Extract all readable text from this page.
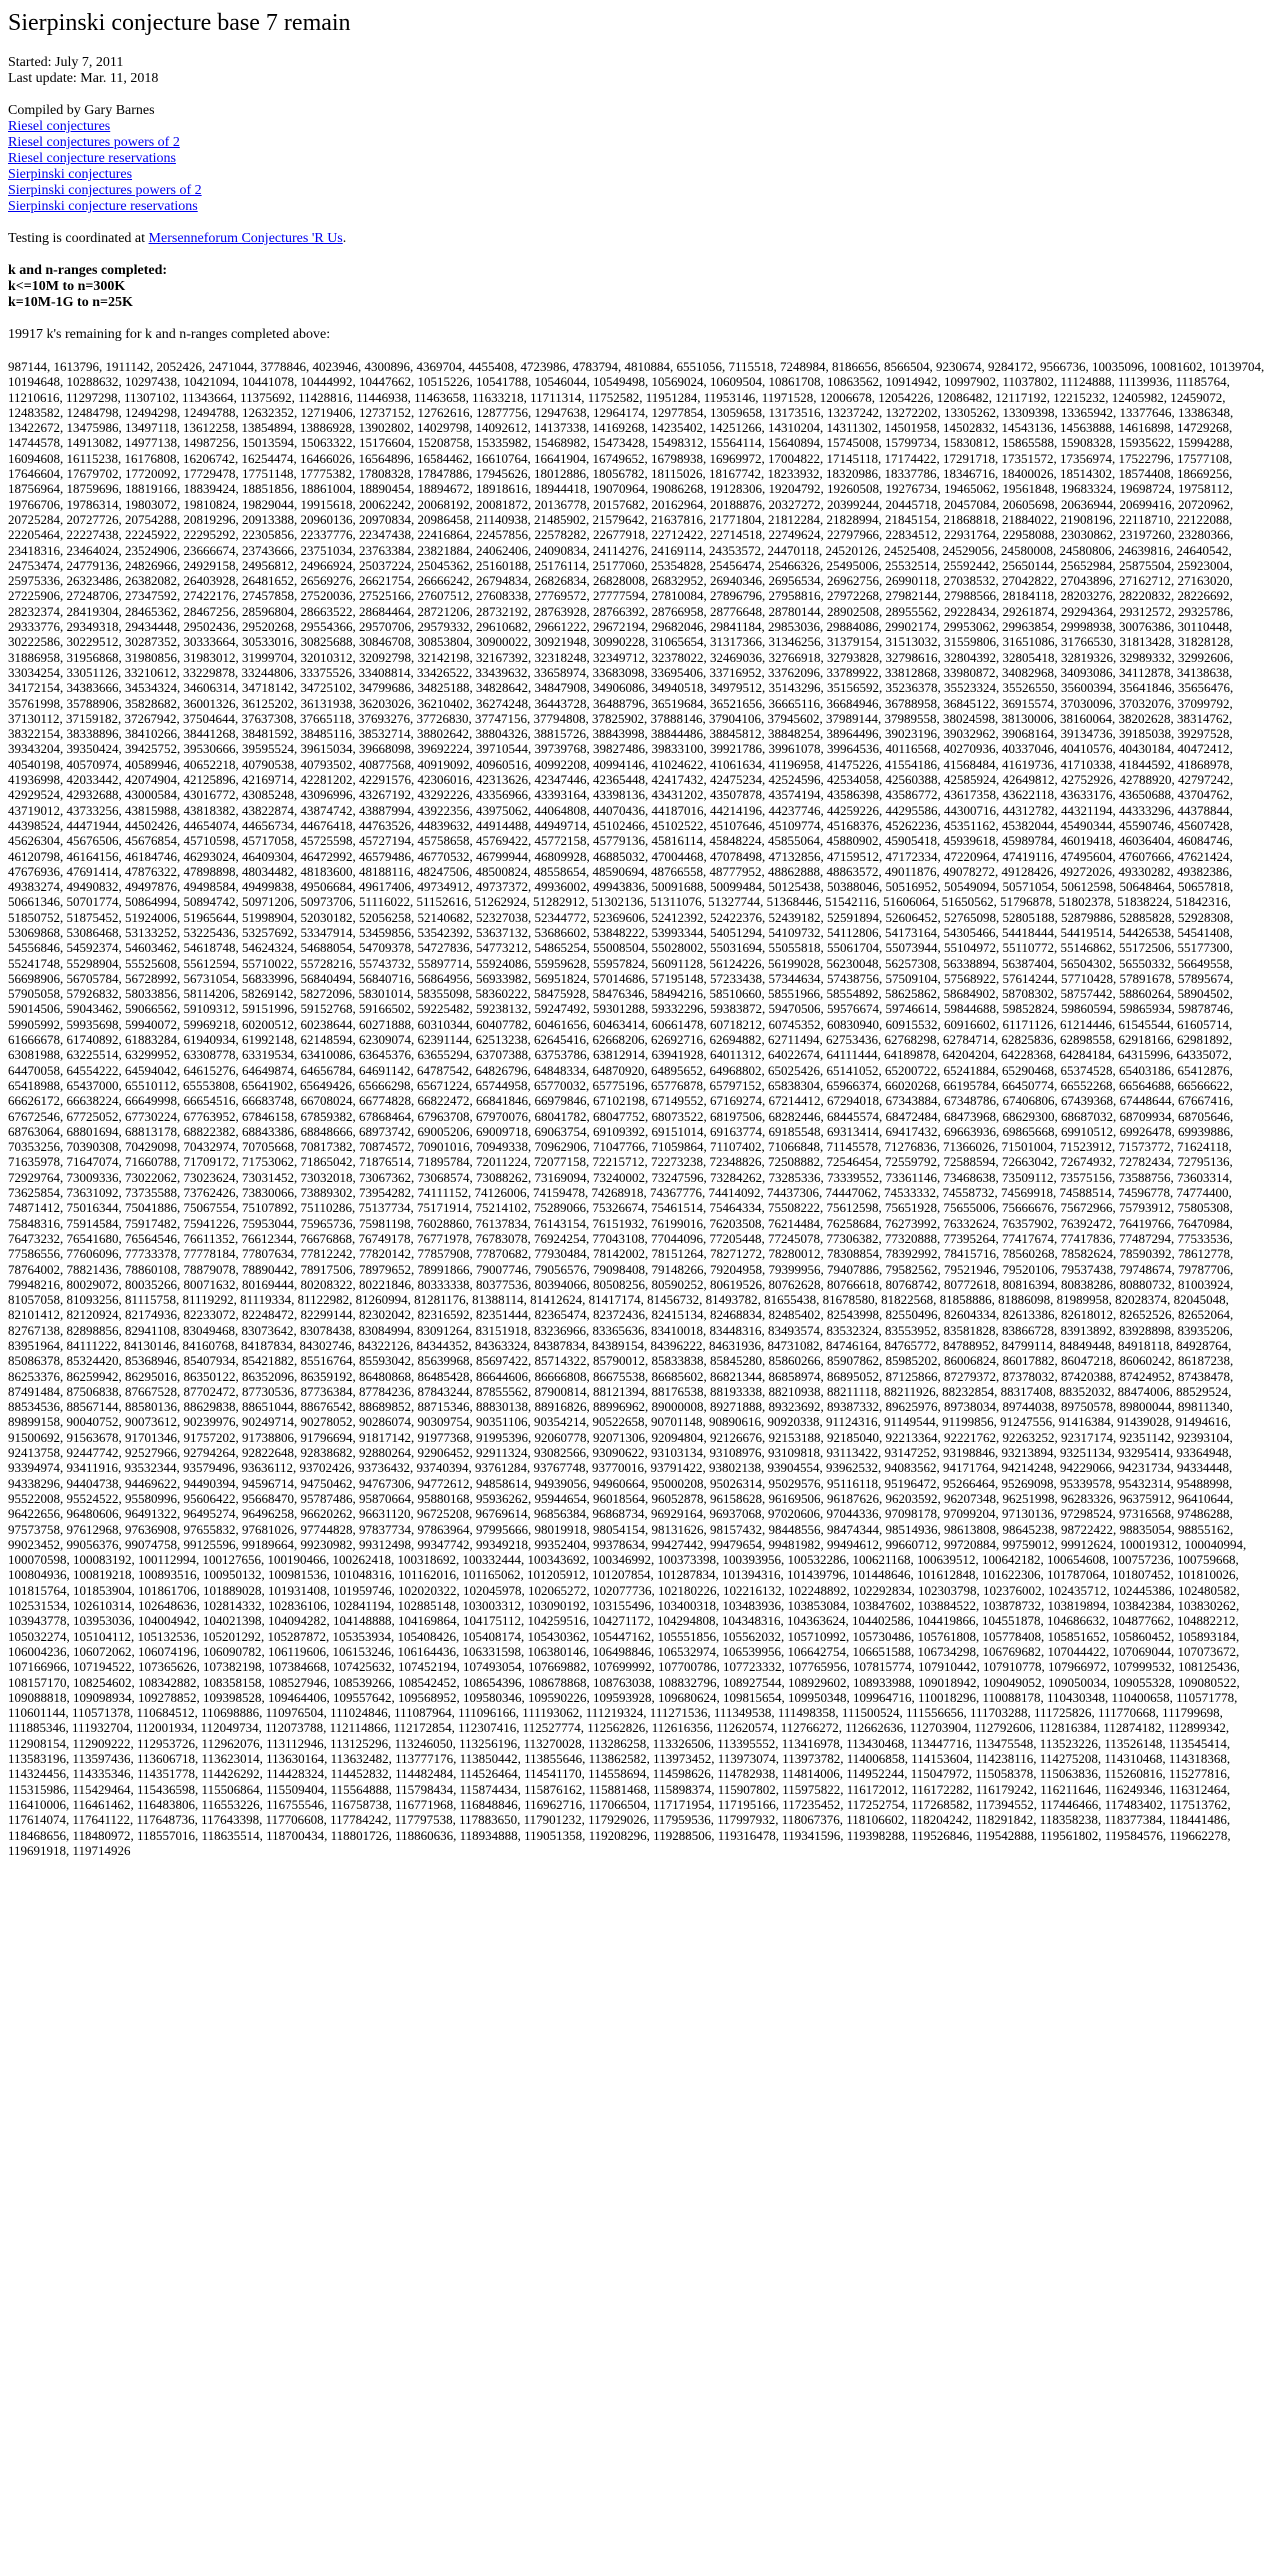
Sierpinski conjecture base 7 remain
Started: July 7, 2011
Last update: Mar. 11, 2018
Compiled by Gary Barnes
Riesel conjectures
Riesel conjectures powers of 2
Riesel conjecture reservations
Sierpinski conjectures
Sierpinski conjectures powers of 2
Sierpinski conjecture reservations
Testing is coordinated at Mersenneforum Conjectures 'R Us.
k and n-ranges completed:
k<=10M to n=300K
k=10M-1G to n=25K
19917 k's remaining for k and n-ranges completed above:
987144, 1613796, 1911142, 2052426, 2471044, 3778846, 4023946, 4300896, 4369704, 4455408, 4723986, 4783794, 4810884, 6551056, 7115518, 7248984, 8186656, 8566504, 9230674, 9284172, 9566736, 10035096, 10081602, 10139704, 10194648, 10288632, 10297438, 10421094, 10441078, 10444992, 10447662, 10515226, 10541788, 10546044, 10549498, 10569024, 10609504, 10861708, 10863562, 10914942, 10997902, 11037802, 11124888, 11139936, 11185764, 11210616, 11297298, 11307102, 11343664, 11375692, 11428816, 11446938, 11463658, 11633218, 11711314, 11752582, 11951284, 11953146, 11971528, 12006678, 12054226, 12086482, 12117192, 12215232, 12405982, 12459072, 12483582, 12484798, 12494298, 12494788, 12632352, 12719406, 12737152, 12762616, 12877756, 12947638, 12964174, 12977854, 13059658, 13173516, 13237242, 13272202, 13305262, 13309398, 13365942, 13377646, 13386348, 13422672, 13475986, 13497118, 13612258, 13854894, 13886928, 13902802, 14029798, 14092612, 14137338, 14169268, 14235402, 14251266, 14310204, 14311302, 14501958, 14502832, 14543136, 14563888, 14616898, 14729268, 14744578, 14913082, 14977138, 14987256, 15013594, 15063322, 15176604, 15208758, 15335982, 15468982, 15473428, 15498312, 15564114, 15640894, 15745008, 15799734, 15830812, 15865588, 15908328, 15935622, 15994288, 16094608, 16115238, 16176808, 16206742, 16254474, 16466026, 16564896, 16584462, 16610764, 16641904, 16749652, 16798938, 16969972, 17004822, 17145118, 17174422, 17291718, 17351572, 17356974, 17522796, 17577108, 17646604, 17679702, 17720092, 17729478, 17751148, 17775382, 17808328, 17847886, 17945626, 18012886, 18056782, 18115026, 18167742, 18233932, 18320986, 18337786, 18346716, 18400026, 18514302, 18574408, 18669256, 18756964, 18759696, 18819166, 18839424, 18851856, 18861004, 18890454, 18894672, 18918616, 18944418, 19070964, 19086268, 19128306, 19204792, 19260508, 19276734, 19465062, 19561848, 19683324, 19698724, 19758112, 19766706, 19786314, 19803072, 19810824, 19829044, 19915618, 20062242, 20068192, 20081872, 20136778, 20157682, 20162964, 20188876, 20327272, 20399244, 20445718, 20457084, 20605698, 20636944, 20699416, 20720962, 20725284, 20727726, 20754288, 20819296, 20913388, 20960136, 20970834, 20986458, 21140938, 21485902, 21579642, 21637816, 21771804, 21812284, 21828994, 21845154, 21868818, 21884022, 21908196, 22118710, 22122088, 22205464, 22227438, 22245922, 22295292, 22305856, 22337776, 22347438, 22416864, 22457856, 22578282, 22677918, 22712422, 22714518, 22749624, 22797966, 22834512, 22931764, 22958088, 23030862, 23197260, 23280366, 23418316, 23464024, 23524906, 23666674, 23743666, 23751034, 23763384, 23821884, 24062406, 24090834, 24114276, 24169114, 24353572, 24470118, 24520126, 24525408, 24529056, 24580008, 24580806, 24639816, 24640542, 24753474, 24779136, 24826966, 24929158, 24956812, 24966924, 25037224, 25045362, 25160188, 25176114, 25177060, 25354828, 25456474, 25466326, 25495006, 25532514, 25592442, 25650144, 25652984, 25875504, 25923004, 25975336, 26323486, 26382082, 26403928, 26481652, 26569276, 26621754, 26666242, 26794834, 26826834, 26828008, 26832952, 26940346, 26956534, 26962756, 26990118, 27038532, 27042822, 27043896, 27162712, 27163020, 27225906, 27248706, 27347592, 27422176, 27457858, 27520036, 27525166, 27607512, 27608338, 27769572, 27777594, 27810084, 27896796, 27958816, 27972268, 27982144, 27988566, 28184118, 28203276, 28220832, 28226692, 28232374, 28419304, 28465362, 28467256, 28596804, 28663522, 28684464, 28721206, 28732192, 28763928, 28766392, 28766958, 28776648, 28780144, 28902508, 28955562, 29228434, 29261874, 29294364, 29312572, 29325786, 29333776, 29349318, 29434448, 29502436, 29520268, 29554366, 29570706, 29579332, 29610682, 29661222, 29672194, 29682046, 29841184, 29853036, 29884086, 29902174, 29953062, 29963854, 29998938, 30076386, 30110448, 30222586, 30229512, 30287352, 30333664, 30533016, 30825688, 30846708, 30853804, 30900022, 30921948, 30990228, 31065654, 31317366, 31346256, 31379154, 31513032, 31559806, 31651086, 31766530, 31813428, 31828128, 31886958, 31956868, 31980856, 31983012, 31999704, 32010312, 32092798, 32142198, 32167392, 32318248, 32349712, 32378022, 32469036, 32766918, 32793828, 32798616, 32804392, 32805418, 32819326, 32989332, 32992606, 33034254, 33051126, 33210612, 33229878, 33244806, 33375526, 33408814, 33426522, 33439632, 33658974, 33683098, 33695406, 33716952, 33762096, 33789922, 33812868, 33980872, 34082968, 34093086, 34112878, 34138638, 34172154, 34383666, 34534324, 34606314, 34718142, 34725102, 34799686, 34825188, 34828642, 34847908, 34906086, 34940518, 34979512, 35143296, 35156592, 35236378, 35523324, 35526550, 35600394, 35641846, 35656476, 35761998, 35788906, 35828682, 36001326, 36125202, 36131938, 36203026, 36210402, 36274248, 36443728, 36488796, 36519684, 36521656, 36665116, 36684946, 36788958, 36845122, 36915574, 37030096, 37032076, 37099792, 37130112, 37159182, 37267942, 37504644, 37637308, 37665118, 37693276, 37726830, 37747156, 37794808, 37825902, 37888146, 37904106, 37945602, 37989144, 37989558, 38024598, 38130006, 38160064, 38202628, 38314762, 38322154, 38338896, 38410266, 38441268, 38481592, 38485116, 38532714, 38802642, 38804326, 38815726, 38843998, 38844486, 38845812, 38848254, 38964496, 39023196, 39032962, 39068164, 39134736, 39185038, 39297528, 39343204, 39350424, 39425752, 39530666, 39595524, 39615034, 39668098, 39692224, 39710544, 39739768, 39827486, 39833100, 39921786, 39961078, 39964536, 40116568, 40270936, 40337046, 40410576, 40430184, 40472412, 40540198, 40570974, 40589946, 40652218, 40790538, 40793502, 40877568, 40919092, 40960516, 40992208, 40994146, 41024622, 41061634, 41196958, 41475226, 41554186, 41568484, 41619736, 41710338, 41844592, 41868978, 41936998, 42033442, 42074904, 42125896, 42169714, 42281202, 42291576, 42306016, 42313626, 42347446, 42365448, 42417432, 42475234, 42524596, 42534058, 42560388, 42585924, 42649812, 42752926, 42788920, 42797242, 42929524, 42932688, 43000584, 43016772, 43085248, 43096996, 43267192, 43292226, 43356966, 43393164, 43398136, 43431202, 43507878, 43574194, 43586398, 43586772, 43617358, 43622118, 43633176, 43650688, 43704762, 43719012, 43733256, 43815988, 43818382, 43822874, 43874742, 43887994, 43922356, 43975062, 44064808, 44070436, 44187016, 44214196, 44237746, 44259226, 44295586, 44300716, 44312782, 44321194, 44333296, 44378844, 44398524, 44471944, 44502426, 44654074, 44656734, 44676418, 44763526, 44839632, 44914488, 44949714, 45102466, 45102522, 45107646, 45109774, 45168376, 45262236, 45351162, 45382044, 45490344, 45590746, 45607428, 45626304, 45676506, 45676854, 45710598, 45717058, 45725598, 45727194, 45758658, 45769422, 45772158, 45779136, 45816114, 45848224, 45855064, 45880902, 45905418, 45939618, 45989784, 46019418, 46036404, 46084746, 46120798, 46164156, 46184746, 46293024, 46409304, 46472992, 46579486, 46770532, 46799944, 46809928, 46885032, 47004468, 47078498, 47132856, 47159512, 47172334, 47220964, 47419116, 47495604, 47607666, 47621424, 47676936, 47691414, 47876322, 47898898, 48034482, 48183600, 48188116, 48247506, 48500824, 48558654, 48590694, 48766558, 48777952, 48862888, 48863572, 49011876, 49078272, 49128426, 49272026, 49330282, 49382386, 49383274, 49490832, 49497876, 49498584, 49499838, 49506684, 49617406, 49734912, 49737372, 49936002, 49943836, 50091688, 50099484, 50125438, 50388046, 50516952, 50549094, 50571054, 50612598, 50648464, 50657818, 50661346, 50701774, 50864994, 50894742, 50971206, 50973706, 51116022, 51152616, 51262924, 51282912, 51302136, 51311076, 51327744, 51368446, 51542116, 51606064, 51650562, 51796878, 51802378, 51838224, 51842316, 51850752, 51875452, 51924006, 51965644, 51998904, 52030182, 52056258, 52140682, 52327038, 52344772, 52369606, 52412392, 52422376, 52439182, 52591894, 52606452, 52765098, 52805188, 52879886, 52885828, 52928308, 53069868, 53086468, 53133252, 53225436, 53257692, 53347914, 53459856, 53542392, 53637132, 53686602, 53848222, 53993344, 54051294, 54109732, 54112806, 54173164, 54305466, 54418444, 54419514, 54426538, 54541408, 54556846, 54592374, 54603462, 54618748, 54624324, 54688054, 54709378, 54727836, 54773212, 54865254, 55008504, 55028002, 55031694, 55055818, 55061704, 55073944, 55104972, 55110772, 55146862, 55172506, 55177300, 55241748, 55298904, 55525608, 55612594, 55710022, 55728216, 55743732, 55897714, 55924086, 55959628, 55957824, 56091128, 56124226, 56199028, 56230048, 56257308, 56338894, 56387404, 56504302, 56550332, 56649558, 56698906, 56705784, 56728992, 56731054, 56833996, 56840494, 56840716, 56864956, 56933982, 56951824, 57014686, 57195148, 57233438, 57344634, 57438756, 57509104, 57568922, 57614244, 57710428, 57891678, 57895674, 57905058, 57926832, 58033856, 58114206, 58269142, 58272096, 58301014, 58355098, 58360222, 58475928, 58476346, 58494216, 58510660, 58551966, 58554892, 58625862, 58684902, 58708302, 58757442, 58860264, 58904502, 59014506, 59043462, 59066562, 59109312, 59151996, 59152768, 59166502, 59225482, 59238132, 59247492, 59301288, 59332296, 59383872, 59470506, 59576674, 59746614, 59844688, 59852824, 59860594, 59865934, 59878746, 59905992, 59935698, 59940072, 59969218, 60200512, 60238644, 60271888, 60310344, 60407782, 60461656, 60463414, 60661478, 60718212, 60745352, 60830940, 60915532, 60916602, 61171126, 61214446, 61545544, 61605714, 61666678, 61740892, 61883284, 61940934, 61992148, 62148594, 62309074, 62391144, 62513238, 62645416, 62668206, 62692716, 62694882, 62711494, 62753436, 62768298, 62784714, 62825836, 62898558, 62918166, 62981892, 63081988, 63225514, 63299952, 63308778, 63319534, 63410086, 63645376, 63655294, 63707388, 63753786, 63812914, 63941928, 64011312, 64022674, 64111444, 64189878, 64204204, 64228368, 64284184, 64315996, 64335072, 64470058, 64554222, 64594042, 64615276, 64649874, 64656784, 64691142, 64787542, 64826796, 64848334, 64870920, 64895652, 64968802, 65025426, 65141052, 65200722, 65241884, 65290468, 65374528, 65403186, 65412876, 65418988, 65437000, 65510112, 65553808, 65641902, 65649426, 65666298, 65671224, 65744958, 65770032, 65775196, 65776878, 65797152, 65838304, 65966374, 66020268, 66195784, 66450774, 66552268, 66564688, 66566622, 66626172, 66638224, 66649998, 66654516, 66683748, 66708024, 66774828, 66822472, 66841846, 66979846, 67102198, 67149552, 67169274, 67214412, 67294018, 67343884, 67348786, 67406806, 67439368, 67448644, 67667416, 67672546, 67725052, 67730224, 67763952, 67846158, 67859382, 67868464, 67963708, 67970076, 68041782, 68047752, 68073522, 68197506, 68282446, 68445574, 68472484, 68473968, 68629300, 68687032, 68709934, 68705646, 68763064, 68801694, 68813178, 68822382, 68843386, 68848666, 68973742, 69005206, 69009718, 69063754, 69109392, 69151014, 69163774, 69185548, 69313414, 69417432, 69663936, 69865668, 69910512, 69926478, 69939886, 70353256, 70390308, 70429098, 70432974, 70705668, 70817382, 70874572, 70901016, 70949338, 70962906, 71047766, 71059864, 71107402, 71066848, 71145578, 71276836, 71366026, 71501004, 71523912, 71573772, 71624118, 71635978, 71647074, 71660788, 71709172, 71753062, 71865042, 71876514, 71895784, 72011224, 72077158, 72215712, 72273238, 72348826, 72508882, 72546454, 72559792, 72588594, 72663042, 72674932, 72782434, 72795136, 72929764, 73009336, 73022062, 73023624, 73031452, 73032018, 73067362, 73068574, 73088262, 73169094, 73240002, 73247596, 73284262, 73285336, 73339552, 73361146, 73468638, 73509112, 73575156, 73588756, 73603314, 73625854, 73631092, 73735588, 73762426, 73830066, 73889302, 73954282, 74111152, 74126006, 74159478, 74268918, 74367776, 74414092, 74437306, 74447062, 74533332, 74558732, 74569918, 74588514, 74596778, 74774400, 74871412, 75016344, 75041886, 75067554, 75107892, 75110286, 75137734, 75171914, 75214102, 75289066, 75326674, 75461514, 75464334, 75508222, 75612598, 75651928, 75655006, 75666676, 75672966, 75793912, 75805308, 75848316, 75914584, 75917482, 75941226, 75953044, 75965736, 75981198, 76028860, 76137834, 76143154, 76151932, 76199016, 76203508, 76214484, 76258684, 76273992, 76332624, 76357902, 76392472, 76419766, 76470984, 76473232, 76541680, 76564546, 76611352, 76612344, 76676868, 76749178, 76771978, 76783078, 76924254, 77043108, 77044096, 77205448, 77245078, 77306382, 77320888, 77395264, 77417674, 77417836, 77487294, 77533536, 77586556, 77606096, 77733378, 77778184, 77807634, 77812242, 77820142, 77857908, 77870682, 77930484, 78142002, 78151264, 78271272, 78280012, 78308854, 78392992, 78415716, 78560268, 78582624, 78590392, 78612778, 78764002, 78821436, 78860108, 78879078, 78890442, 78917506, 78979652, 78991866, 79007746, 79056576, 79098408, 79148266, 79204958, 79399956, 79407886, 79582562, 79521946, 79520106, 79537438, 79748674, 79787706, 79948216, 80029072, 80035266, 80071632, 80169444, 80208322, 80221846, 80333338, 80377536, 80394066, 80508256, 80590252, 80619526, 80762628, 80766618, 80768742, 80772618, 80816394, 80838286, 80880732, 81003924, 81057058, 81093256, 81115758, 81119292, 81119334, 81122982, 81260994, 81281176, 81388114, 81412624, 81417174, 81456732, 81493782, 81655438, 81678580, 81822568, 81858886, 81886098, 81989958, 82028374, 82045048, 82101412, 82120924, 82174936, 82233072, 82248472, 82299144, 82302042, 82316592, 82351444, 82365474, 82372436, 82415134, 82468834, 82485402, 82543998, 82550496, 82604334, 82613386, 82618012, 82652526, 82652064, 82767138, 82898856, 82941108, 83049468, 83073642, 83078438, 83084994, 83091264, 83151918, 83236966, 83365636, 83410018, 83448316, 83493574, 83532324, 83553952, 83581828, 83866728, 83913892, 83928898, 83935206, 83951964, 84111222, 84130146, 84160768, 84187834, 84302746, 84322126, 84344352, 84363324, 84387834, 84389154, 84396222, 84631936, 84731082, 84746164, 84765772, 84788952, 84799114, 84849448, 84918118, 84928764, 85086378, 85324420, 85368946, 85407934, 85421882, 85516764, 85593042, 85639968, 85697422, 85714322, 85790012, 85833838, 85845280, 85860266, 85907862, 85985202, 86006824, 86017882, 86047218, 86060242, 86187238, 86253376, 86259942, 86295016, 86350122, 86352096, 86359192, 86480868, 86485428, 86644606, 86666808, 86675538, 86685602, 86821344, 86858974, 86895052, 87125866, 87279372, 87378032, 87420388, 87424952, 87438478, 87491484, 87506838, 87667528, 87702472, 87730536, 87736384, 87784236, 87843244, 87855562, 87900814, 88121394, 88176538, 88193338, 88210938, 88211118, 88211926, 88232854, 88317408, 88352032, 88474006, 88529524, 88534536, 88567144, 88580136, 88629838, 88651044, 88676542, 88689852, 88715346, 88830138, 88916826, 88996962, 89000008, 89271888, 89323692, 89387332, 89625976, 89738034, 89744038, 89750578, 89800044, 89811340, 89899158, 90040752, 90073612, 90239976, 90249714, 90278052, 90286074, 90309754, 90351106, 90354214, 90522658, 90701148, 90890616, 90920338, 91124316, 91149544, 91199856, 91247556, 91416384, 91439028, 91494616, 91500692, 91563678, 91701346, 91757202, 91738806, 91796694, 91817142, 91977368, 91995396, 92060778, 92071306, 92094804, 92126676, 92153188, 92185040, 92213364, 92221762, 92263252, 92317174, 92351142, 92393104, 92413758, 92447742, 92527966, 92794264, 92822648, 92838682, 92880264, 92906452, 92911324, 93082566, 93090622, 93103134, 93108976, 93109818, 93113422, 93147252, 93198846, 93213894, 93251134, 93295414, 93364948, 93394974, 93411916, 93532344, 93579496, 93636112, 93702426, 93736432, 93740394, 93761284, 93767748, 93770016, 93791422, 93802138, 93904554, 93962532, 94083562, 94171764, 94214248, 94229066, 94231734, 94334448, 94338296, 94404738, 94469622, 94490394, 94596714, 94750462, 94767306, 94772612, 94858614, 94939056, 94960664, 95000208, 95026314, 95029576, 95116118, 95196472, 95266464, 95269098, 95339578, 95432314, 95488998, 95522008, 95524522, 95580996, 95606422, 95668470, 95787486, 95870664, 95880168, 95936262, 95944654, 96018564, 96052878, 96158628, 96169506, 96187626, 96203592, 96207348, 96251998, 96283326, 96375912, 96410644, 96422656, 96480606, 96491322, 96495274, 96496258, 96620262, 96631120, 96725208, 96769614, 96856384, 96868734, 96929164, 96937068, 97020606, 97044336, 97098178, 97099204, 97130136, 97298524, 97316568, 97486288, 97573758, 97612968, 97636908, 97655832, 97681026, 97744828, 97837734, 97863964, 97995666, 98019918, 98054154, 98131626, 98157432, 98448556, 98474344, 98514936, 98613808, 98645238, 98722422, 98835054, 98855162, 99023452, 99056376, 99074758, 99125596, 99189664, 99230982, 99312498, 99347742, 99349218, 99352404, 99378634, 99427442, 99479654, 99481982, 99494612, 99660712, 99720884, 99759012, 99912624, 100019312, 100040994, 100070598, 100083192, 100112994, 100127656, 100190466, 100262418, 100318692, 100332444, 100343692, 100346992, 100373398, 100393956, 100532286, 100621168, 100639512, 100642182, 100654608, 100757236, 100759668, 100804936, 100819218, 100893516, 100950132, 100981536, 101048316, 101162016, 101165062, 101205912, 101207854, 101287834, 101394316, 101439796, 101448646, 101612848, 101622306, 101787064, 101807452, 101810026, 101815764, 101853904, 101861706, 101889028, 101931408, 101959746, 102020322, 102045978, 102065272, 102077736, 102180226, 102216132, 102248892, 102292834, 102303798, 102376002, 102435712, 102445386, 102480582, 102531534, 102610314, 102648636, 102814332, 102836106, 102841194, 102885148, 103003312, 103090192, 103155496, 103400318, 103483936, 103853084, 103847602, 103884522, 103878732, 103819894, 103842384, 103830262, 103943778, 103953036, 104004942, 104021398, 104094282, 104148888, 104169864, 104175112, 104259516, 104271172, 104294808, 104348316, 104363624, 104402586, 104419866, 104551878, 104686632, 104877662, 104882212, 105032274, 105104112, 105132536, 105201292, 105287872, 105353934, 105408426, 105408174, 105430362, 105447162, 105551856, 105562032, 105710992, 105730486, 105761808, 105778408, 105851652, 105860452, 105893184, 106004236, 106072062, 106074196, 106090782, 106119606, 106153246, 106164436, 106331598, 106380146, 106498846, 106532974, 106539956, 106642754, 106651588, 106734298, 106769682, 107044422, 107069044, 107073672, 107166966, 107194522, 107365626, 107382198, 107384668, 107425632, 107452194, 107493054, 107669882, 107699992, 107700786, 107723332, 107765956, 107815774, 107910442, 107910778, 107966972, 107999532, 108125436, 108157170, 108254602, 108342882, 108358158, 108527946, 108539266, 108542452, 108654396, 108678868, 108763038, 108832796, 108927544, 108929602, 108933988, 109018942, 109049052, 109050034, 109055328, 109080522, 109088818, 109098934, 109278852, 109398528, 109464406, 109557642, 109568952, 109580346, 109590226, 109593928, 109680624, 109815654, 109950348, 109964716, 110018296, 110088178, 110430348, 110400658, 110571778, 110601144, 110571378, 110684512, 110698886, 110976504, 111024846, 111087964, 111096166, 111193062, 111219324, 111271536, 111349538, 111498358, 111500524, 111556656, 111703288, 111725826, 111770668, 111799698, 111885346, 111932704, 112001934, 112049734, 112073788, 112114866, 112172854, 112307416, 112527774, 112562826, 112616356, 112620574, 112766272, 112662636, 112703904, 112792606, 112816384, 112874182, 112899342, 112908154, 112909222, 112953726, 112962076, 113112946, 113125296, 113246050, 113256196, 113270028, 113286258, 113326506, 113395552, 113416978, 113430468, 113447716, 113475548, 113523226, 113526148, 113545414, 113583196, 113597436, 113606718, 113623014, 113630164, 113632482, 113777176, 113850442, 113855646, 113862582, 113973452, 113973074, 113973782, 114006858, 114153604, 114238116, 114275208, 114310468, 114318368, 114324456, 114335346, 114351778, 114426292, 114428324, 114452832, 114482484, 114526464, 114541170, 114558694, 114598626, 114782938, 114814006, 114952244, 115047972, 115058378, 115063836, 115260816, 115277816, 115315986, 115429464, 115436598, 115506864, 115509404, 115564888, 115798434, 115874434, 115876162, 115881468, 115898374, 115907802, 115975822, 116172012, 116172282, 116179242, 116211646, 116249346, 116312464, 116410006, 116461462, 116483806, 116553226, 116755546, 116758738, 116771968, 116848846, 116962716, 117066504, 117171954, 117195166, 117235452, 117252754, 117268582, 117394552, 117446466, 117483402, 117513762, 117614074, 117641122, 117648736, 117643398, 117706608, 117784242, 117797538, 117883650, 117901232, 117929026, 117959536, 117997932, 118067376, 118106602, 118204242, 118291842, 118358238, 118377384, 118441486, 118468656, 118480972, 118557016, 118635514, 118700434, 118801726, 118860636, 118934888, 119051358, 119208296, 119288506, 119316478, 119341596, 119398288, 119526846, 119542888, 119561802, 119584576, 119662278, 119691918, 119714926
